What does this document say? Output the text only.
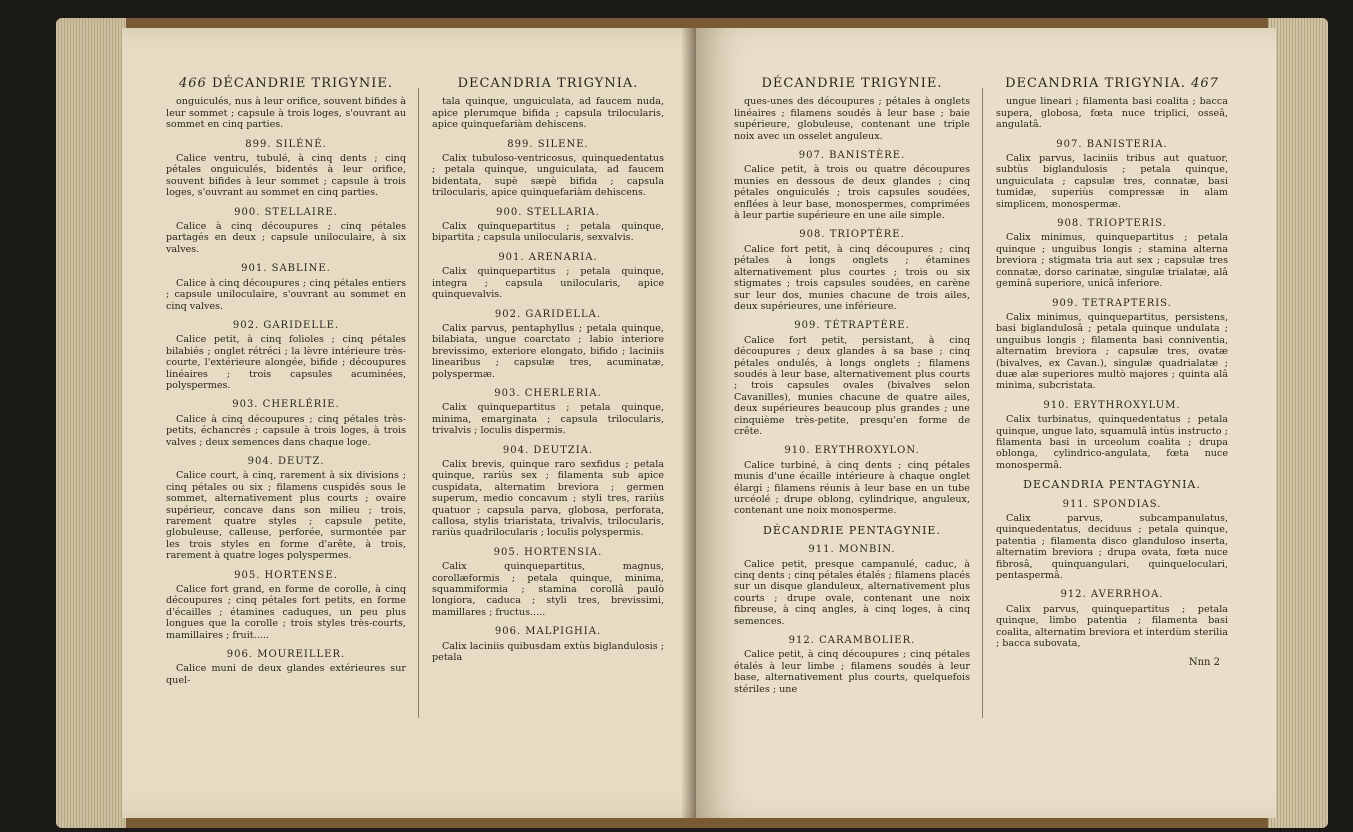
466 DÉCANDRIE TRIGYNIE.

onguiculés, nus à leur orifice, souvent bifides à leur sommet ; capsule à trois loges, s'ouvrant au sommet en cinq parties.

899. SILÉNÉ.

Calice ventru, tubulé, à cinq dents ; cinq pétales onguiculés, bidentés à leur orifice, souvent bifides à leur sommet ; capsule à trois loges, s'ouvrant au sommet en cinq parties.

900. STELLAIRE.

Calice à cinq découpures ; cinq pétales partagés en deux ; capsule uniloculaire, à six valves.

901. SABLINE.

Calice à cinq découpures ; cinq pétales entiers ; capsule uniloculaire, s'ouvrant au sommet en cinq valves.

902. GARIDELLE.

Calice petit, à cinq folioles ; cinq pétales bilabiés ; onglet rétréci ; la lèvre intérieure très-courte, l'extérieure alongée, bifide ; découpures linéaires ; trois capsules acuminées, polyspermes.

903. CHERLÉRIE.

Calice à cinq découpures ; cinq pétales très-petits, échancrés ; capsule à trois loges, à trois valves ; deux semences dans chaque loge.

904. DEUTZ.

Calice court, à cinq, rarement à six divisions ; cinq pétales ou six ; filamens cuspidés sous le sommet, alternativement plus courts ; ovaire supérieur, concave dans son milieu ; trois, rarement quatre styles ; capsule petite, globuleuse, calleuse, perforée, surmontée par les trois styles en forme d'arête, à trois, rarement à quatre loges polyspermes.

905. HORTENSE.

Calice fort grand, en forme de corolle, à cinq découpures ; cinq pétales fort petits, en forme d'écailles ; étamines caduques, un peu plus longues que la corolle ; trois styles très-courts, mamillaires ; fruit.....

906. MOUREILLER.

Calice muni de deux glandes extérieures sur quel-

DECANDRIA TRIGYNIA.

tala quinque, unguiculata, ad faucem nuda, apice plerumque bifida ; capsula trilocularis, apice quinquefariàm dehiscens.

899. SILENE.

Calix tubuloso-ventricosus, quinquedentatus ; petala quinque, unguiculata, ad faucem bidentata, supè sæpè bifida ; capsula trilocularis, apice quinquefariàm dehiscens.

900. STELLARIA.

Calix quinquepartitus ; petala quinque, bipartita ; capsula unilocularis, sexvalvis.

901. ARENARIA.

Calix quinquepartitus ; petala quinque, integra ; capsula unilocularis, apice quinquevalvis.

902. GARIDELLA.

Calix parvus, pentaphyllus ; petala quinque, bilabiata, ungue coarctato ; labio interiore brevissimo, exteriore elongato, bifido ; laciniis linearibus ; capsulæ tres, acuminatæ, polyspermæ.

903. CHERLERIA.

Calix quinquepartitus ; petala quinque, minima, emarginata ; capsula trilocularis, trivalvis ; loculis dispermis.

904. DEUTZIA.

Calix brevis, quinque raro sexfidus ; petala quinque, rariùs sex ; filamenta sub apice cuspidata, alternatim breviora ; germen superum, medio concavum ; styli tres, rariùs quatuor ; capsula parva, globosa, perforata, callosa, stylis triaristata, trivalvis, trilocularis, rariùs quadrilocularis ; loculis polyspermis.

905. HORTENSIA.

Calix quinquepartitus, magnus, corollæformis ; petala quinque, minima, squammiformia ; stamina corollâ paulò longiora, caduca ; styli tres, brevissimi, mamillares ; fructus.....

906. MALPIGHIA.

Calix laciniis quibusdam extùs biglandulosis ; petala

DÉCANDRIE TRIGYNIE.

ques-unes des découpures ; pétales à onglets linéaires ; filamens soudés à leur base ; baie supérieure, globuleuse, contenant une triple noix avec un osselet anguleux.

907. BANISTÈRE.

Calice petit, à trois ou quatre découpures munies en dessous de deux glandes ; cinq pétales onguiculés ; trois capsules soudées, enflées à leur base, monospermes, comprimées à leur partie supérieure en une aile simple.

908. TRIOPTÈRE.

Calice fort petit, à cinq découpures ; cinq pétales à longs onglets ; étamines alternativement plus courtes ; trois ou six stigmates ; trois capsules soudées, en carène sur leur dos, munies chacune de trois ailes, deux supérieures, une inférieure.

909. TÉTRAPTÈRE.

Calice fort petit, persistant, à cinq découpures ; deux glandes à sa base ; cinq pétales ondulés, à longs onglets ; filamens soudés à leur base, alternativement plus courts ; trois capsules ovales (bivalves selon Cavanilles), munies chacune de quatre ailes, deux supérieures beaucoup plus grandes ; une cinquième très-petite, presqu'en forme de crête.

910. ERYTHROXYLON.

Calice turbiné, à cinq dents ; cinq pétales munis d'une écaille intérieure à chaque onglet élargi ; filamens réunis à leur base en un tube urcéolé ; drupe oblong, cylindrique, anguleux, contenant une noix monosperme.

DÉCANDRIE PENTAGYNIE.
911. MONBIN.

Calice petit, presque campanulé, caduc, à cinq dents ; cinq pétales étalés ; filamens placés sur un disque glanduleux, alternativement plus courts ; drupe ovale, contenant une noix fibreuse, à cinq angles, à cinq loges, à cinq semences.

912. CARAMBOLIER.

Calice petit, à cinq découpures ; cinq pétales étalés à leur limbe ; filamens soudés à leur base, alternativement plus courts, quelquefois stériles ; une

DECANDRIA TRIGYNIA. 467

ungue lineari ; filamenta basi coalita ; bacca supera, globosa, fœta nuce triplici, osseâ, angulatâ.

907. BANISTERIA.

Calix parvus, laciniis tribus aut quatuor, subtùs biglandulosis ; petala quinque, unguiculata ; capsulæ tres, connatæ, basi tumidæ, superiùs compressæ in alam simplicem, monospermæ.

908. TRIOPTERIS.

Calix minimus, quinquepartitus ; petala quinque ; unguibus longis ; stamina alterna breviora ; stigmata tria aut sex ; capsulæ tres connatæ, dorso carinatæ, singulæ trialatæ, alâ geminâ superiore, unicâ inferiore.

909. TETRAPTERIS.

Calix minimus, quinquepartitus, persistens, basi biglandulosâ ; petala quinque undulata ; unguibus longis ; filamenta basi conniventia, alternatim breviora ; capsulæ tres, ovatæ (bivalves, ex Cavan.), singulæ quadrialatæ ; duæ alæ superiores multò majores ; quinta alâ minima, subcristata.

910. ERYTHROXYLUM.

Calix turbinatus, quinquedentatus ; petala quinque, ungue lato, squamulâ intùs instructo ; filamenta basi in urceolum coalita ; drupa oblonga, cylindrico-angulata, fœta nuce monospermâ.

DECANDRIA PENTAGYNIA.
911. SPONDIAS.

Calix parvus, subcampanulatus, quinquedentatus, deciduus ; petala quinque, patentia ; filamenta disco glanduloso inserta, alternatim breviora ; drupa ovata, fœta nuce fibrosâ, quinquangulari, quinqueloculari, pentaspermâ.

912. AVERRHOA.

Calix parvus, quinquepartitus ; petala quinque, limbo patentia ; filamenta basi coalita, alternatim breviora et interdùm sterilia ; bacca subovata,

Nnn 2
